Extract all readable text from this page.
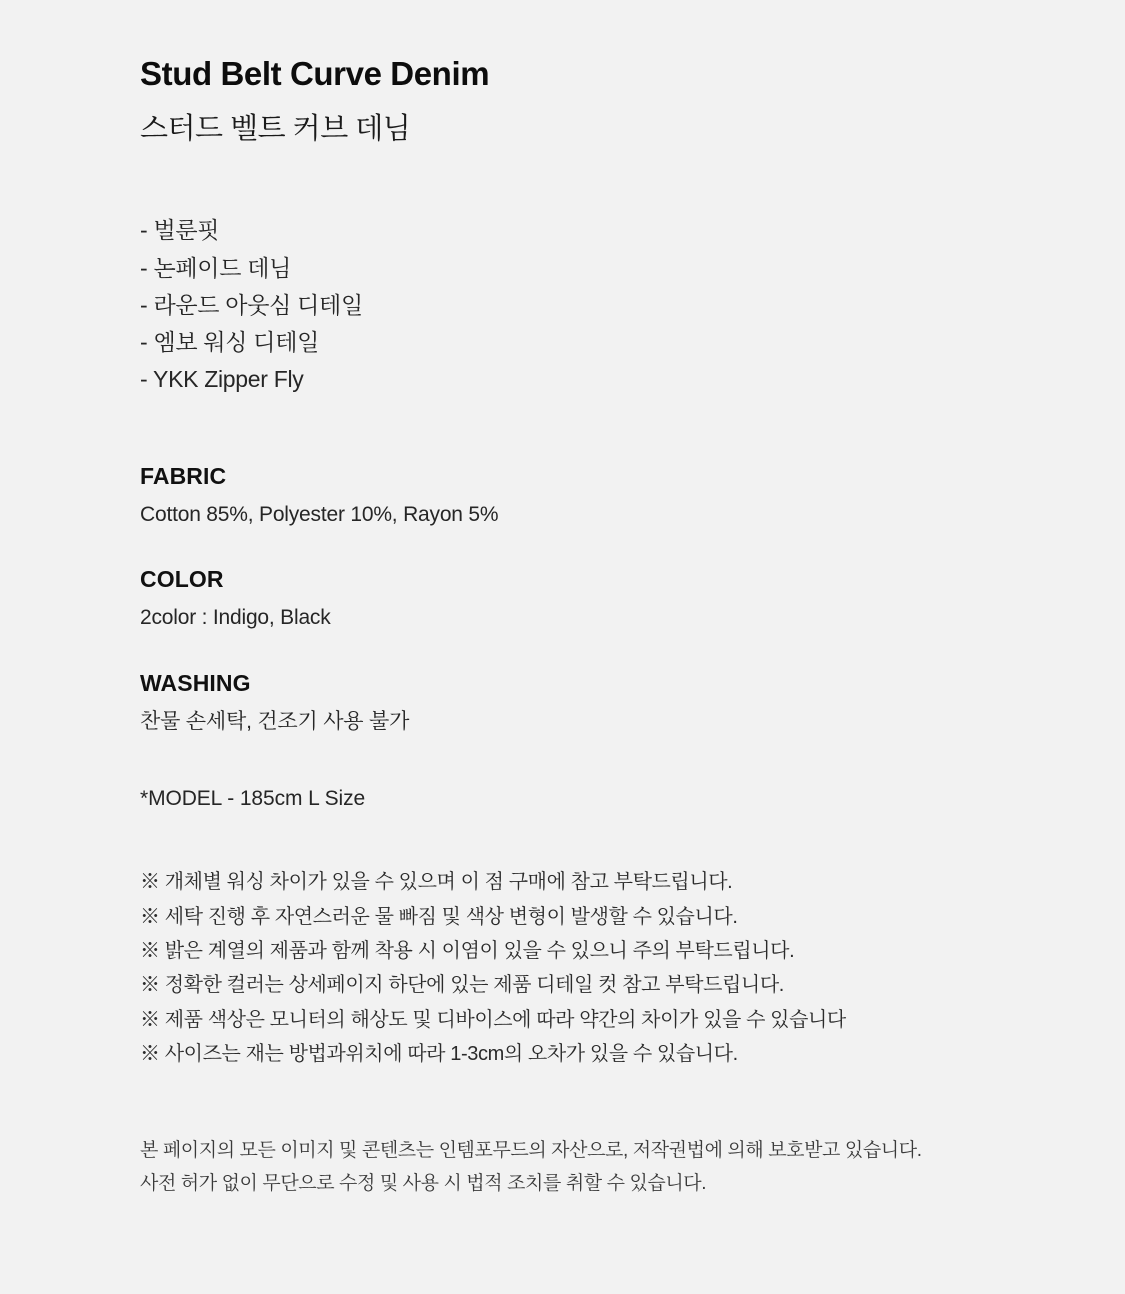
Stud Belt Curve Denim
스터드 벨트 커브 데님
- 벌룬핏
- 논페이드 데님
- 라운드 아웃심 디테일
- 엠보 워싱 디테일
- YKK Zipper Fly
FABRIC
Cotton 85%, Polyester 10%, Rayon 5%
COLOR
2color : Indigo, Black
WASHING
찬물 손세탁, 건조기 사용 불가
*MODEL - 185cm L Size

※ 개체별 워싱 차이가 있을 수 있으며 이 점 구매에 참고 부탁드립니다.

※ 세탁 진행 후 자연스러운 물 빠짐 및 색상 변형이 발생할 수 있습니다.

※ 밝은 계열의 제품과 함께 착용 시 이염이 있을 수 있으니 주의 부탁드립니다.

※ 정확한 컬러는 상세페이지 하단에 있는 제품 디테일 컷 참고 부탁드립니다.

※ 제품 색상은 모니터의 해상도 및 디바이스에 따라 약간의 차이가 있을 수 있습니다

※ 사이즈는 재는 방법과위치에 따라 1-3cm의 오차가 있을 수 있습니다.

본 페이지의 모든 이미지 및 콘텐츠는 인템포무드의 자산으로, 저작권법에 의해 보호받고 있습니다.

사전 허가 없이 무단으로 수정 및 사용 시 법적 조치를 취할 수 있습니다.
